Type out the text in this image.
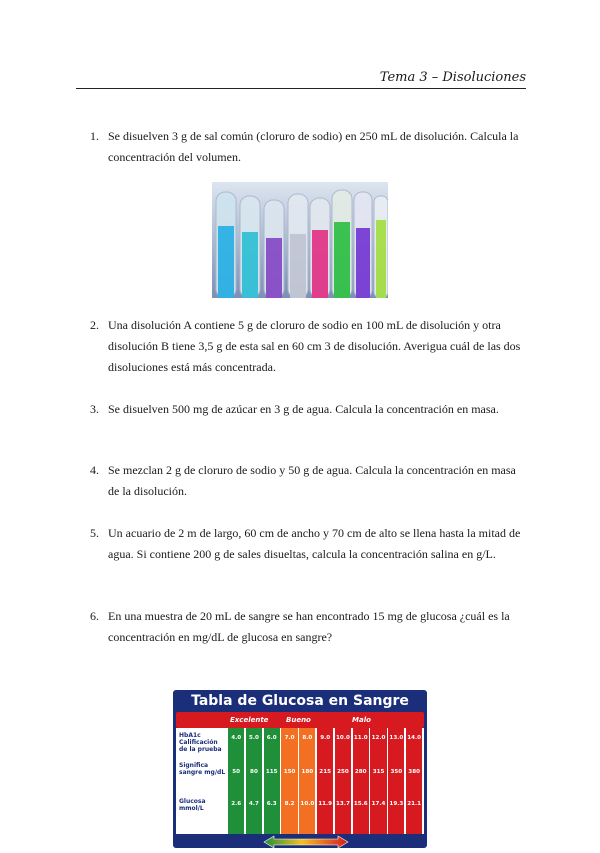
Tema 3 – Disoluciones
1. Se disuelven 3 g de sal común (cloruro de sodio) en 250 mL de disolución. Calcula la concentración del volumen.
2. Una disolución A contiene 5 g de cloruro de sodio en 100 mL de disolución y otra disolución B tiene 3,5 g de esta sal en 60 cm 3 de disolución. Averigua cuál de las dos disoluciones está más concentrada.
3. Se disuelven 500 mg de azúcar en 3 g de agua. Calcula la concentración en masa.
4. Se mezclan 2 g de cloruro de sodio y 50 g de agua. Calcula la concentración en masa de la disolución.
5. Un acuario de 2 m de largo, 60 cm de ancho y 70 cm de alto se llena hasta la mitad de agua. Si contiene 200 g de sales disueltas, calcula la concentración salina en g/L.
6. En una muestra de 20 mL de sangre se han encontrado 15 mg de glucosa ¿cuál es la concentración en mg/dL de glucosa en sangre?
Tabla de Glucosa en Sangre
Excelente	Bueno	Malo
HbA1c Calificación de la prueba
Significa sangre mg/dL
Glucosa mmol/L
4.0
50
2.6
5.0
80
4.7
6.0
115
6.3
7.0
150
8.2
8.0
180
10.0
9.0
215
11.9
10.0
250
13.7
11.0
280
15.6
12.0
315
17.4
13.0
350
19.3
14.0
380
21.1
